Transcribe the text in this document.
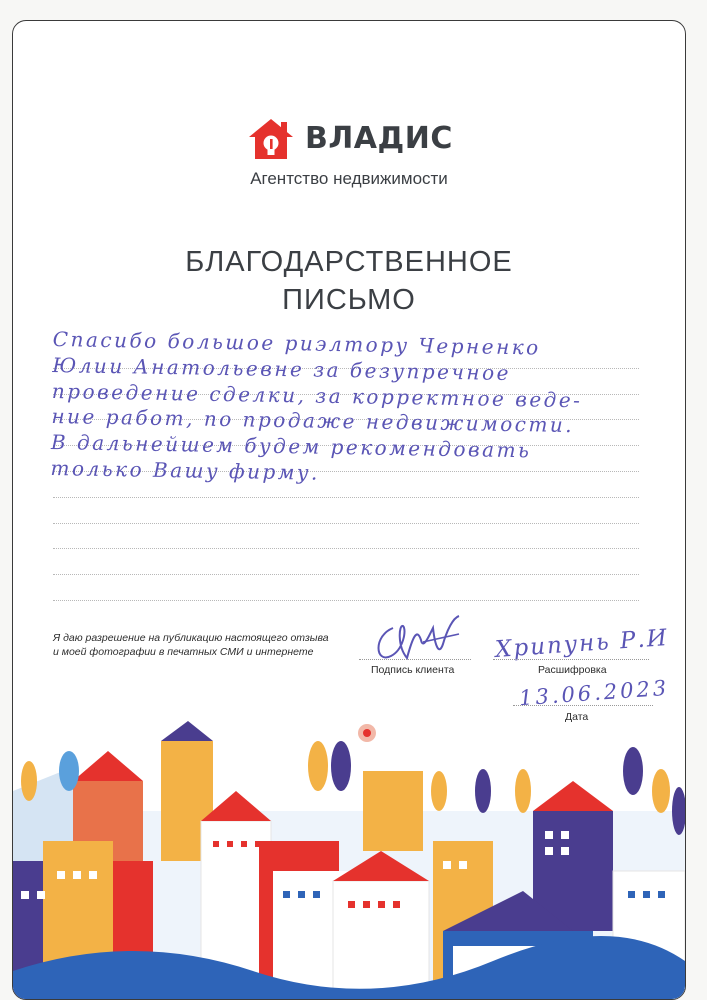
ВЛАДИС
Агентство недвижимости
БЛАГОДАРСТВЕННОЕ
ПИСЬМО
Спасибо большое риэлтору Черненко
Юлии Анатольевне за безупречное
проведение сделки, за корректное веде-
ние работ, по продаже недвижимости.
В дальнейшем будем рекомендовать
только Вашу фирму.
Я даю разрешение на публикацию настоящего отзыва
и моей фотографии в печатных СМИ и интернете
Подпись клиента
Хрипунь Р.И
Расшифровка
13.06.2023
Дата
